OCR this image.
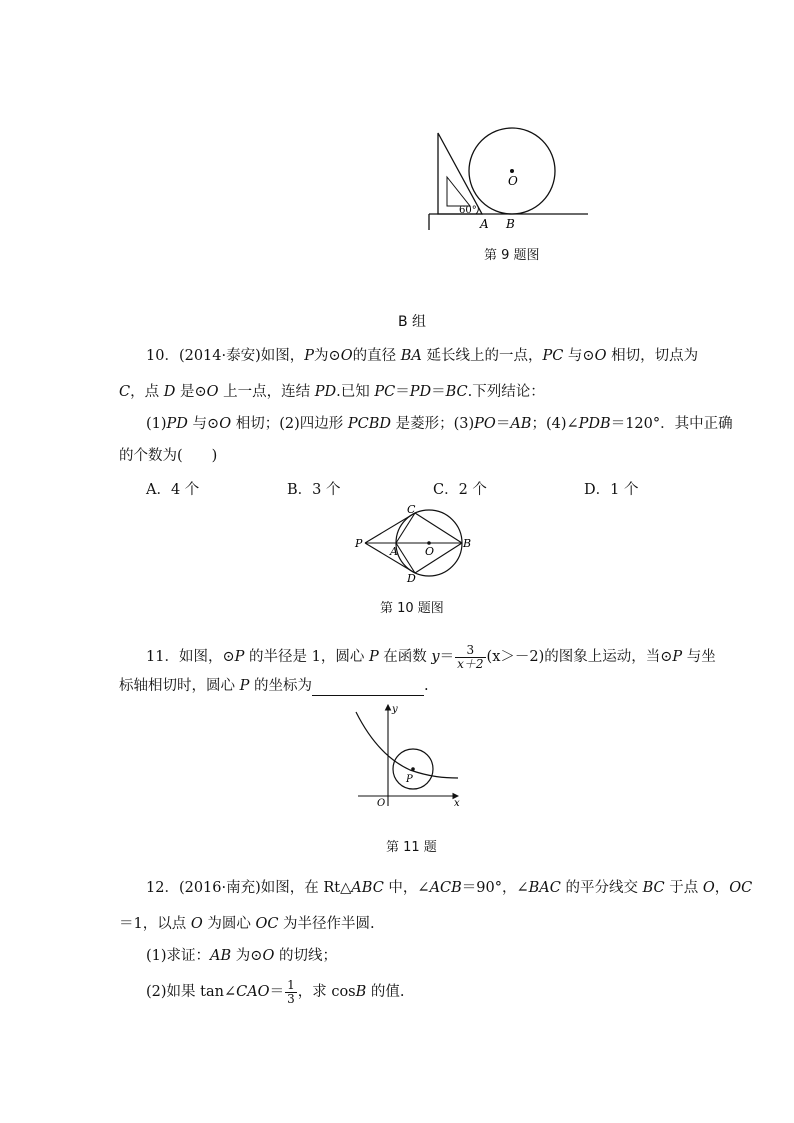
O
A B
60°
第 9 题图
B 组
10．(2014·泰安)如图，P为⊙O的直径 BA 延长线上的一点，PC 与⊙O 相切，切点为
C，点 D 是⊙O 上一点，连结 PD.已知 PC＝PD＝BC.下列结论：
(1)PD 与⊙O 相切；(2)四边形 PCBD 是菱形；(3)PO＝AB；(4)∠PDB＝120°．其中正确
的个数为(　　)
A．4 个	B．3 个	C．2 个	D．1 个
P
A O
B
C
D
第 10 题图
11．如图，⊙P 的半径是 1，圆心 P 在函数 $y= \frac{3}{x+2} (x>-2)$的图象上运动，当⊙P 与坐
标轴相切时，圆心 P 的坐标为	.
y
x
O
P
第 11 题
12．(2016·南充)如图，在 Rt△ABC 中，∠ACB＝90°，∠BAC 的平分线交 BC 于点 O，OC
＝1，以点 O 为圆心 OC 为半径作半圆.
(1)求证：AB 为⊙O 的切线；
(2)如果 tan∠CAO＝ $\frac{1}{3}$ ，求 cosB 的值.
